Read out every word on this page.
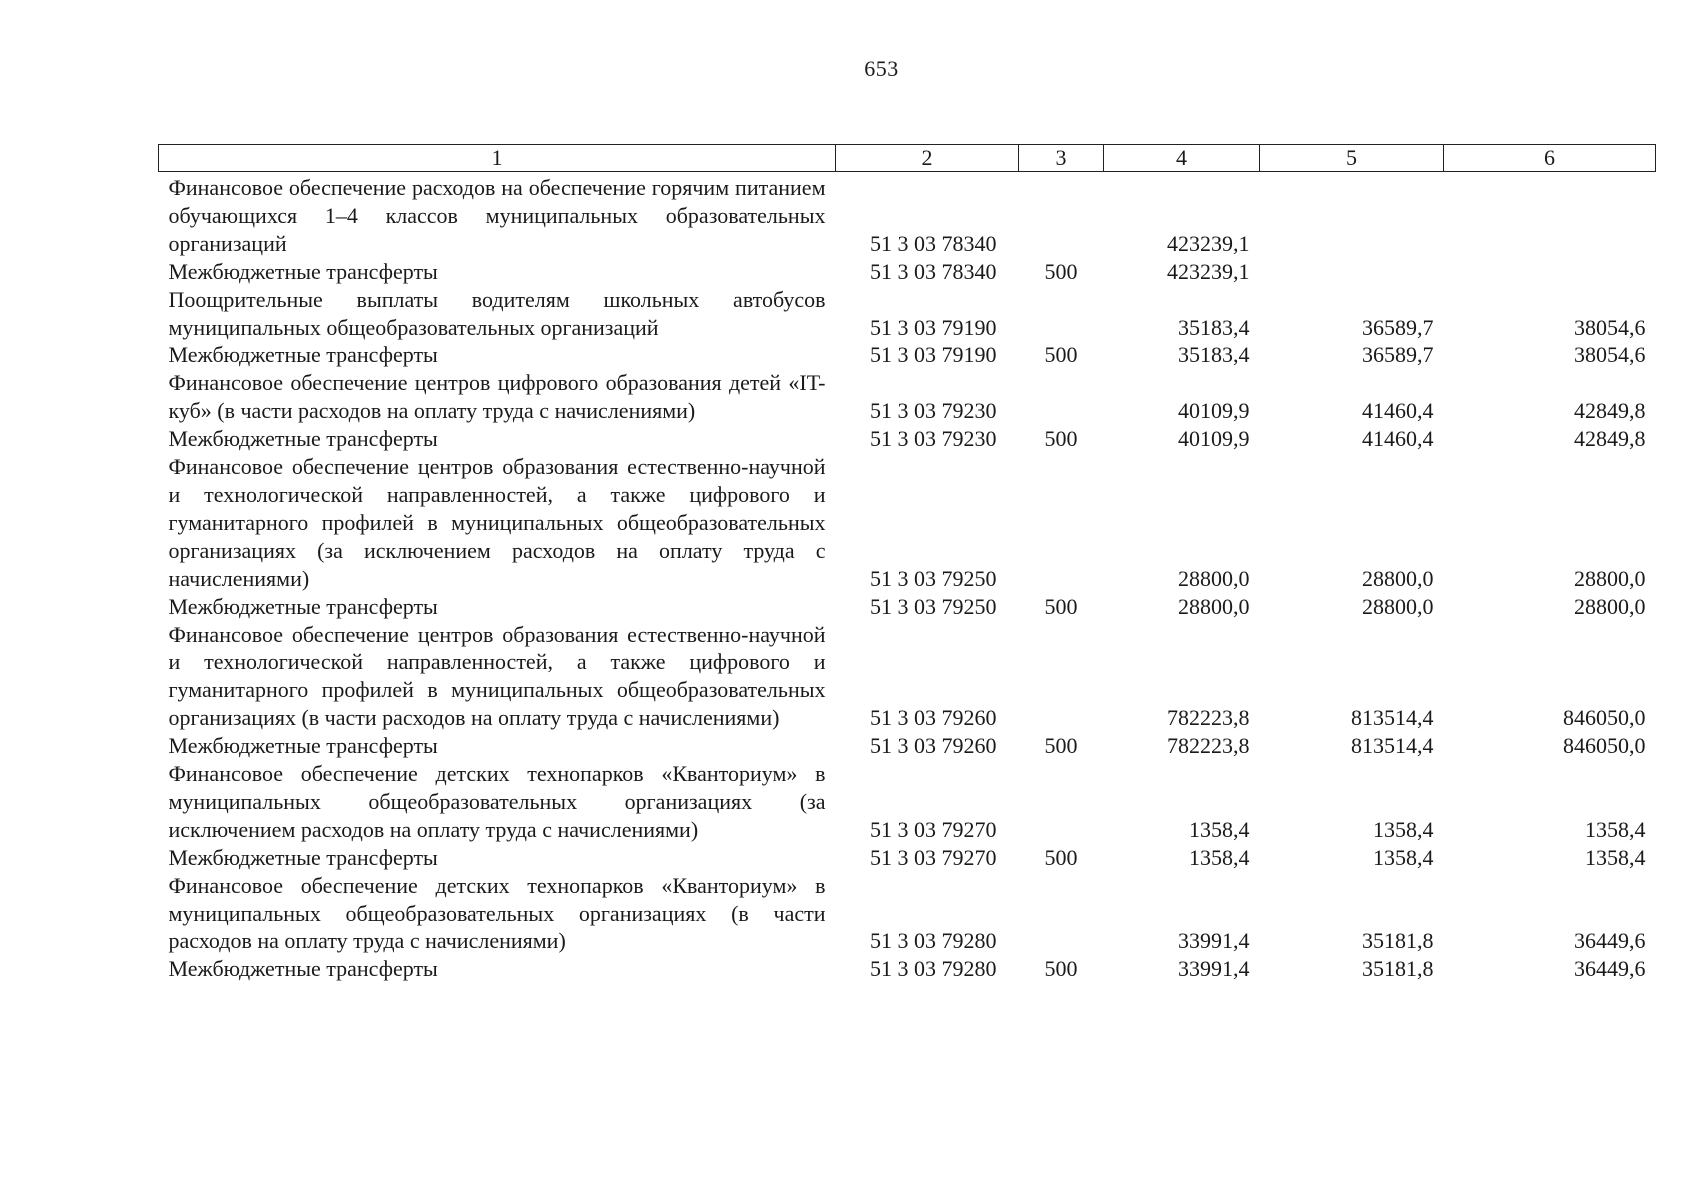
653
1	2	3	4	5	6
Финансовое обеспечение расходов на обеспечение горячим питанием обучающихся 1–4 классов муниципальных образовательных организаций	51 3 03 78340		423239,1		
Межбюджетные трансферты	51 3 03 78340	500	423239,1		
Поощрительные выплаты водителям школьных автобусов муниципальных общеобразовательных организаций	51 3 03 79190		35183,4	36589,7	38054,6
Межбюджетные трансферты	51 3 03 79190	500	35183,4	36589,7	38054,6
Финансовое обеспечение центров цифрового образования детей «IT-куб» (в части расходов на оплату труда с начислениями)	51 3 03 79230		40109,9	41460,4	42849,8
Межбюджетные трансферты	51 3 03 79230	500	40109,9	41460,4	42849,8
Финансовое обеспечение центров образования естественно-научной и технологической направленностей, а также цифрового и гуманитарного профилей в муниципальных общеобразовательных организациях (за исключением расходов на оплату труда с начислениями)	51 3 03 79250		28800,0	28800,0	28800,0
Межбюджетные трансферты	51 3 03 79250	500	28800,0	28800,0	28800,0
Финансовое обеспечение центров образования естественно-научной и технологической направленностей, а также цифрового и гуманитарного профилей в муниципальных общеобразовательных организациях (в части расходов на оплату труда с начислениями)	51 3 03 79260		782223,8	813514,4	846050,0
Межбюджетные трансферты	51 3 03 79260	500	782223,8	813514,4	846050,0
Финансовое обеспечение детских технопарков «Кванториум» в муниципальных общеобразовательных организациях (за исключением расходов на оплату труда с начислениями)	51 3 03 79270		1358,4	1358,4	1358,4
Межбюджетные трансферты	51 3 03 79270	500	1358,4	1358,4	1358,4
Финансовое обеспечение детских технопарков «Кванториум» в муниципальных общеобразовательных организациях (в части расходов на оплату труда с начислениями)	51 3 03 79280		33991,4	35181,8	36449,6
Межбюджетные трансферты	51 3 03 79280	500	33991,4	35181,8	36449,6
